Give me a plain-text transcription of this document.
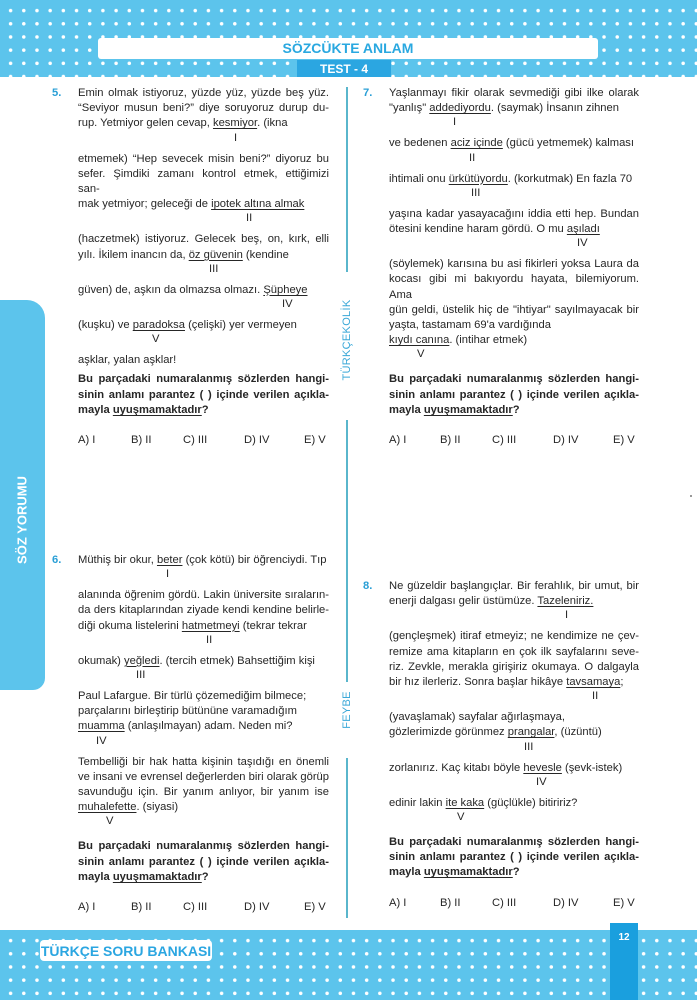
SÖZCÜKTE ANLAM
TEST - 4
SÖZ YORUMU
TÜRKÇEKOLİK
FEYBE
5. Emin olmak istiyoruz, yüzde yüz, yüzde beş yüz.
“Seviyor musun beni?” diye soruyoruz durup du-
rup. Yetmiyor gelen cevap, kesmiyor. (ikna
I
etmemek) “Hep sevecek misin beni?” diyoruz bu
sefer. Şimdiki zamanı kontrol etmek, ettiğimizi san-
mak yetmiyor; geleceği de ipotek altına almak
II
(haczetmek) istiyoruz. Gelecek beş, on, kırk, elli
yılı. İkilem inancın da, öz güvenin (kendine
III
güven) de, aşkın da olmazsa olmazı. Şüpheye
IV
(kuşku) ve paradoksa (çelişki) yer vermeyen
V
aşklar, yalan aşklar!
Bu parçadaki numaralanmış sözlerden hangi-
sinin anlamı parantez ( ) içinde verilen açıkla-
mayla uyuşmamaktadır?
A) I	B) II	C) III	D) IV	E) V
6. Müthiş bir okur, beter (çok kötü) bir öğrenciydi. Tıp
I
alanında öğrenim gördü. Lakin üniversite sıraların-
da ders kitaplarından ziyade kendi kendine belirle-
diği okuma listelerini hatmetmeyi (tekrar tekrar
II
okumak) yeğledi. (tercih etmek) Bahsettiğim kişi
III
Paul Lafargue. Bir türlü çözemediğim bilmece;
parçalarını birleştirip bütününe varamadığım
muamma (anlaşılmayan) adam. Neden mi?
IV
Tembelliği bir hak hatta kişinin taşıdığı en önemli
ve insani ve evrensel değerlerden biri olarak görüp
savunduğu için. Bir yanım anlıyor, bir yanım ise
muhalefette. (siyasi)
V
Bu parçadaki numaralanmış sözlerden hangi-
sinin anlamı parantez ( ) içinde verilen açıkla-
mayla uyuşmamaktadır?
A) I	B) II	C) III	D) IV	E) V
7. Yaşlanmayı fikir olarak sevmediği gibi ilke olarak
"yanlış" addediyordu. (saymak) İnsanın zihnen
I
ve bedenen aciz içinde (gücü yetmemek) kalması
II
ihtimali onu ürkütüyordu. (korkutmak) En fazla 70
III
yaşına kadar yasayacağını iddia etti hep. Bundan
ötesini kendine haram gördü. O mu aşıladı
IV
(söylemek) karısına bu asi fikirleri yoksa Laura da
kocası gibi mi bakıyordu hayata, bilemiyorum. Ama
gün geldi, üstelik hiç de "ihtiyar" sayılmayacak bir
yaşta, tastamam 69'a vardığında
kıydı canına. (intihar etmek)
V
Bu parçadaki numaralanmış sözlerden hangi-
sinin anlamı parantez ( ) içinde verilen açıkla-
mayla uyuşmamaktadır?
A) I	B) II	C) III	D) IV	E) V
8. Ne güzeldir başlangıçlar. Bir ferahlık, bir umut, bir
enerji dalgası gelir üstümüze. Tazeleniriz.
I
(gençleşmek) itiraf etmeyiz; ne kendimize ne çev-
remize ama kitapların en çok ilk sayfalarını seve-
riz. Zevkle, merakla girişiriz okumaya. O dalgayla
bir hız ilerleriz. Sonra başlar hikâye tavsamaya;
II
(yavaşlamak) sayfalar ağırlaşmaya,
gözlerimizde görünmez prangalar, (üzüntü)
III
zorlanırız. Kaç kitabı böyle hevesle (şevk-istek)
IV
edinir lakin ite kaka (güçlükle) bitiririz?
V
Bu parçadaki numaralanmış sözlerden hangi-
sinin anlamı parantez ( ) içinde verilen açıkla-
mayla uyuşmamaktadır?
A) I	B) II	C) III	D) IV	E) V
TÜRKÇE SORU BANKASI
12
